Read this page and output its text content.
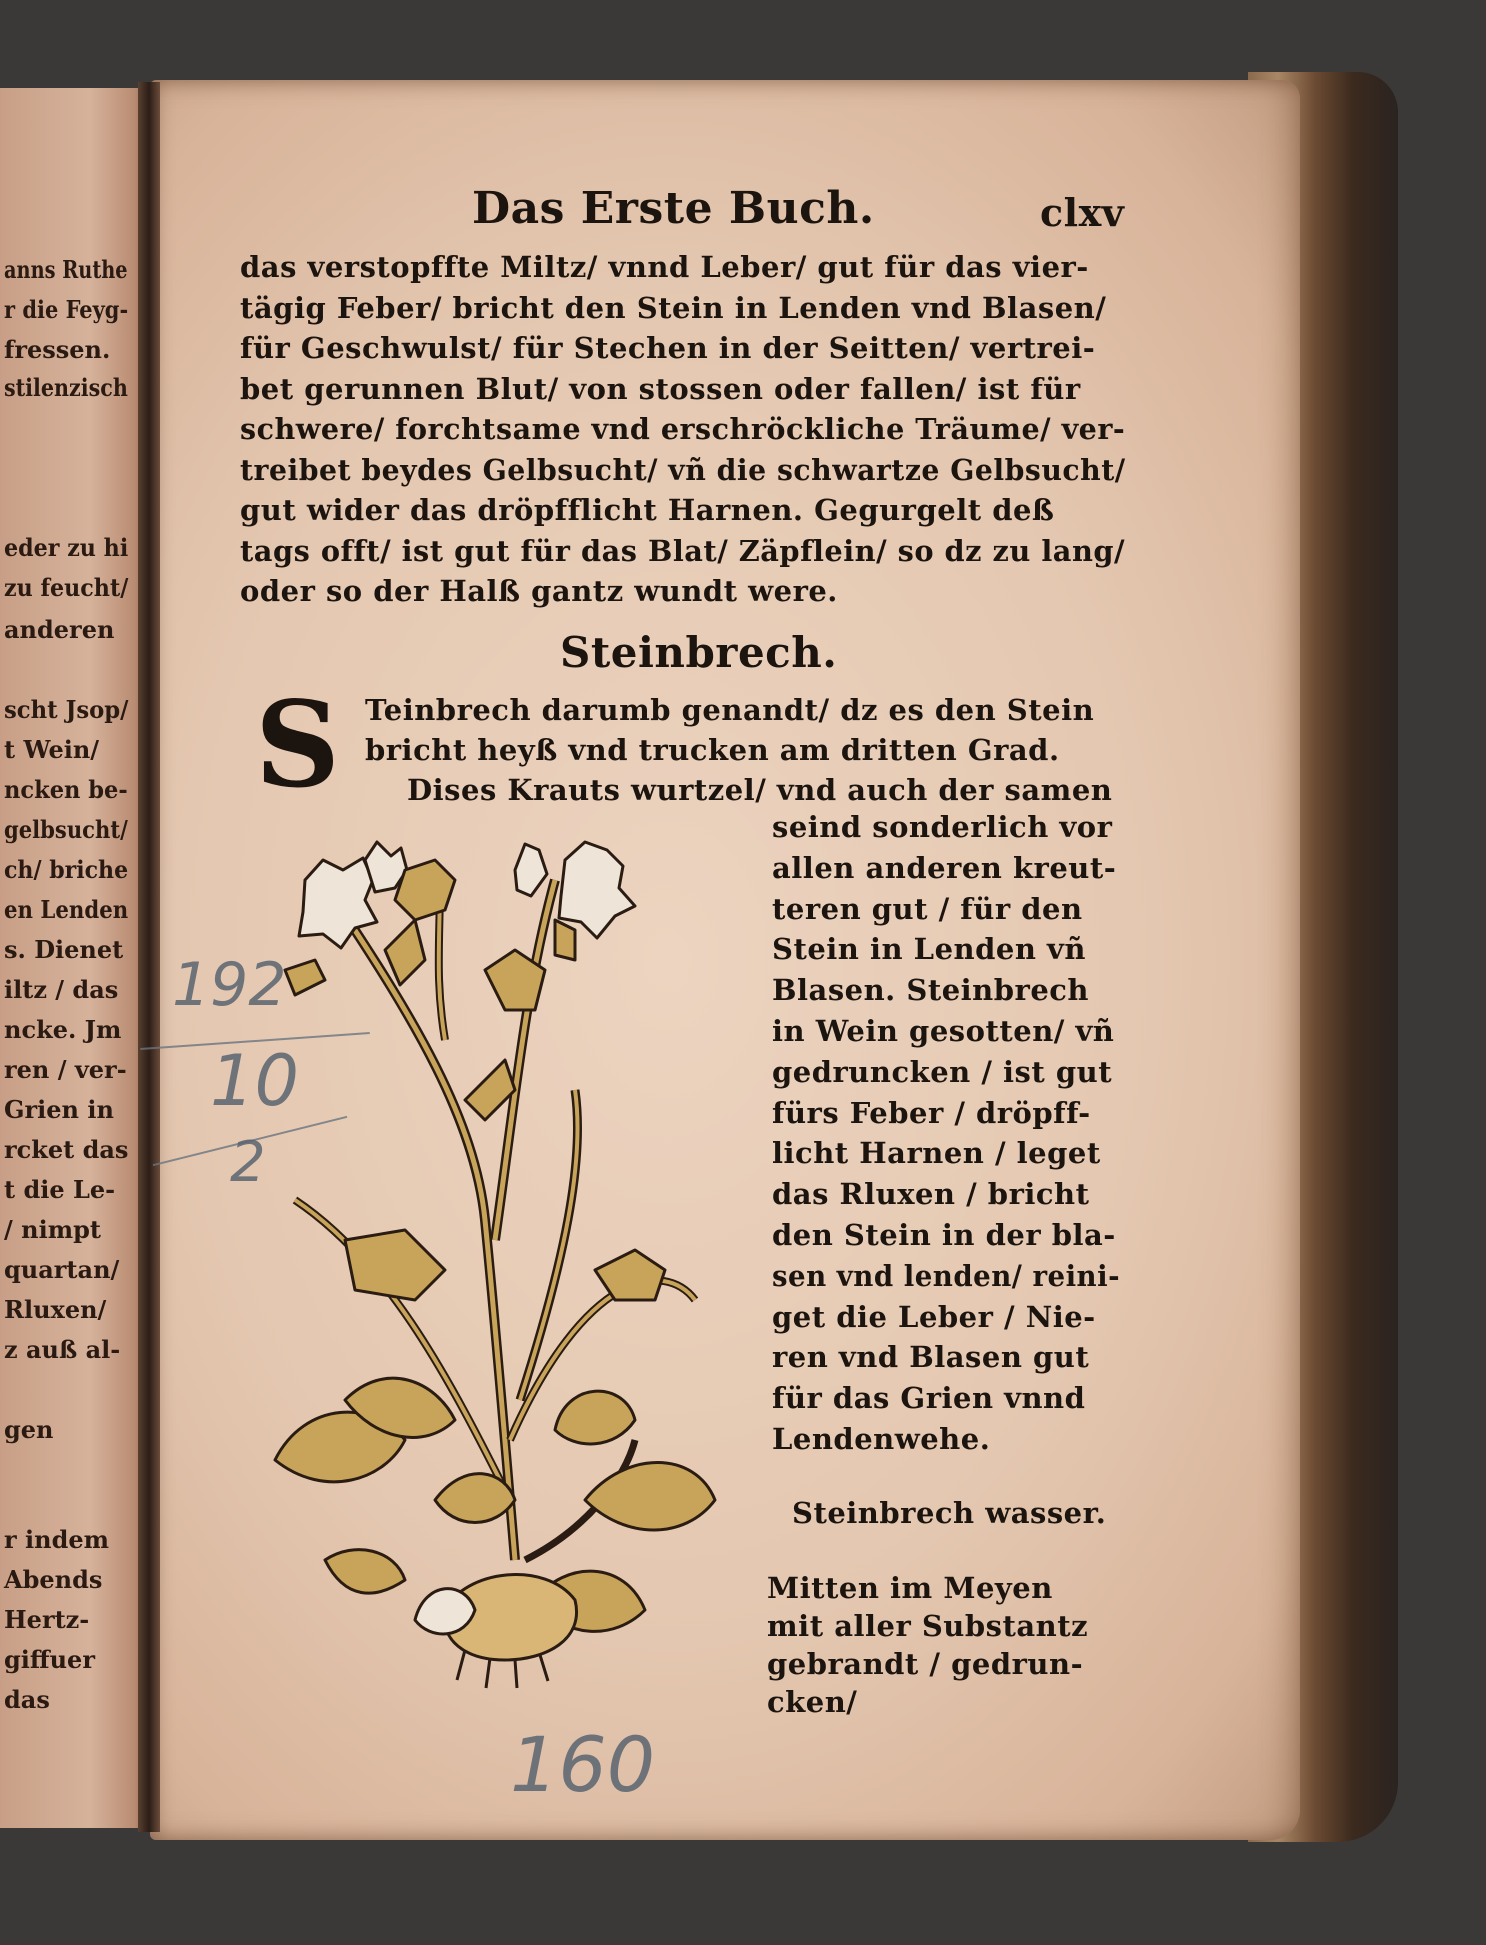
anns Ruthe
r die Feyg-
fressen.
stilenzisch
eder zu hi
zu feucht/
anderen
scht Jsop/
t Wein/
ncken be-
gelbsucht/
ch/ briche
en Lenden
s. Dienet
iltz / das
ncke. Jm
ren / ver-
Grien in
rcket das
t die Le-
/ nimpt
quartan/
Rluxen/
z auß al-
gen
r indem
Abends
Hertz-
giffuer
das
Das Erste Buch.	clxv
das verstopffte Miltz/ vnnd Leber/ gut für das vier-
tägig Feber/ bricht den Stein in Lenden vnd Blasen/
für Geschwulst/ für Stechen in der Seitten/ vertrei-
bet gerunnen Blut/ von stossen oder fallen/ ist für
schwere/ forchtsame vnd erschröckliche Träume/ ver-
treibet beydes Gelbsucht/ vñ die schwartze Gelbsucht/
gut wider das dröpfflicht Harnen. Gegurgelt deß
tags offt/ ist gut für das Blat/ Zäpflein/ so dz zu lang/
oder so der Halß gantz wundt were.
Steinbrech.
S Teinbrech darumb genandt/ dz es den Stein
bricht heyß vnd trucken am dritten Grad.
Dises Krauts wurtzel/ vnd auch der samen
seind sonderlich vor
allen anderen kreut-
teren gut / für den
Stein in Lenden vñ
Blasen. Steinbrech
in Wein gesotten/ vñ
gedruncken / ist gut
fürs Feber / dröpff-
licht Harnen / leget
das Rluxen / bricht
den Stein in der bla-
sen vnd lenden/ reini-
get die Leber / Nie-
ren vnd Blasen gut
für das Grien vnnd
Lendenwehe.
Steinbrech wasser.
Mitten im Meyen
mit aller Substantz
gebrandt / gedrun-
cken/
192
10
2
160
